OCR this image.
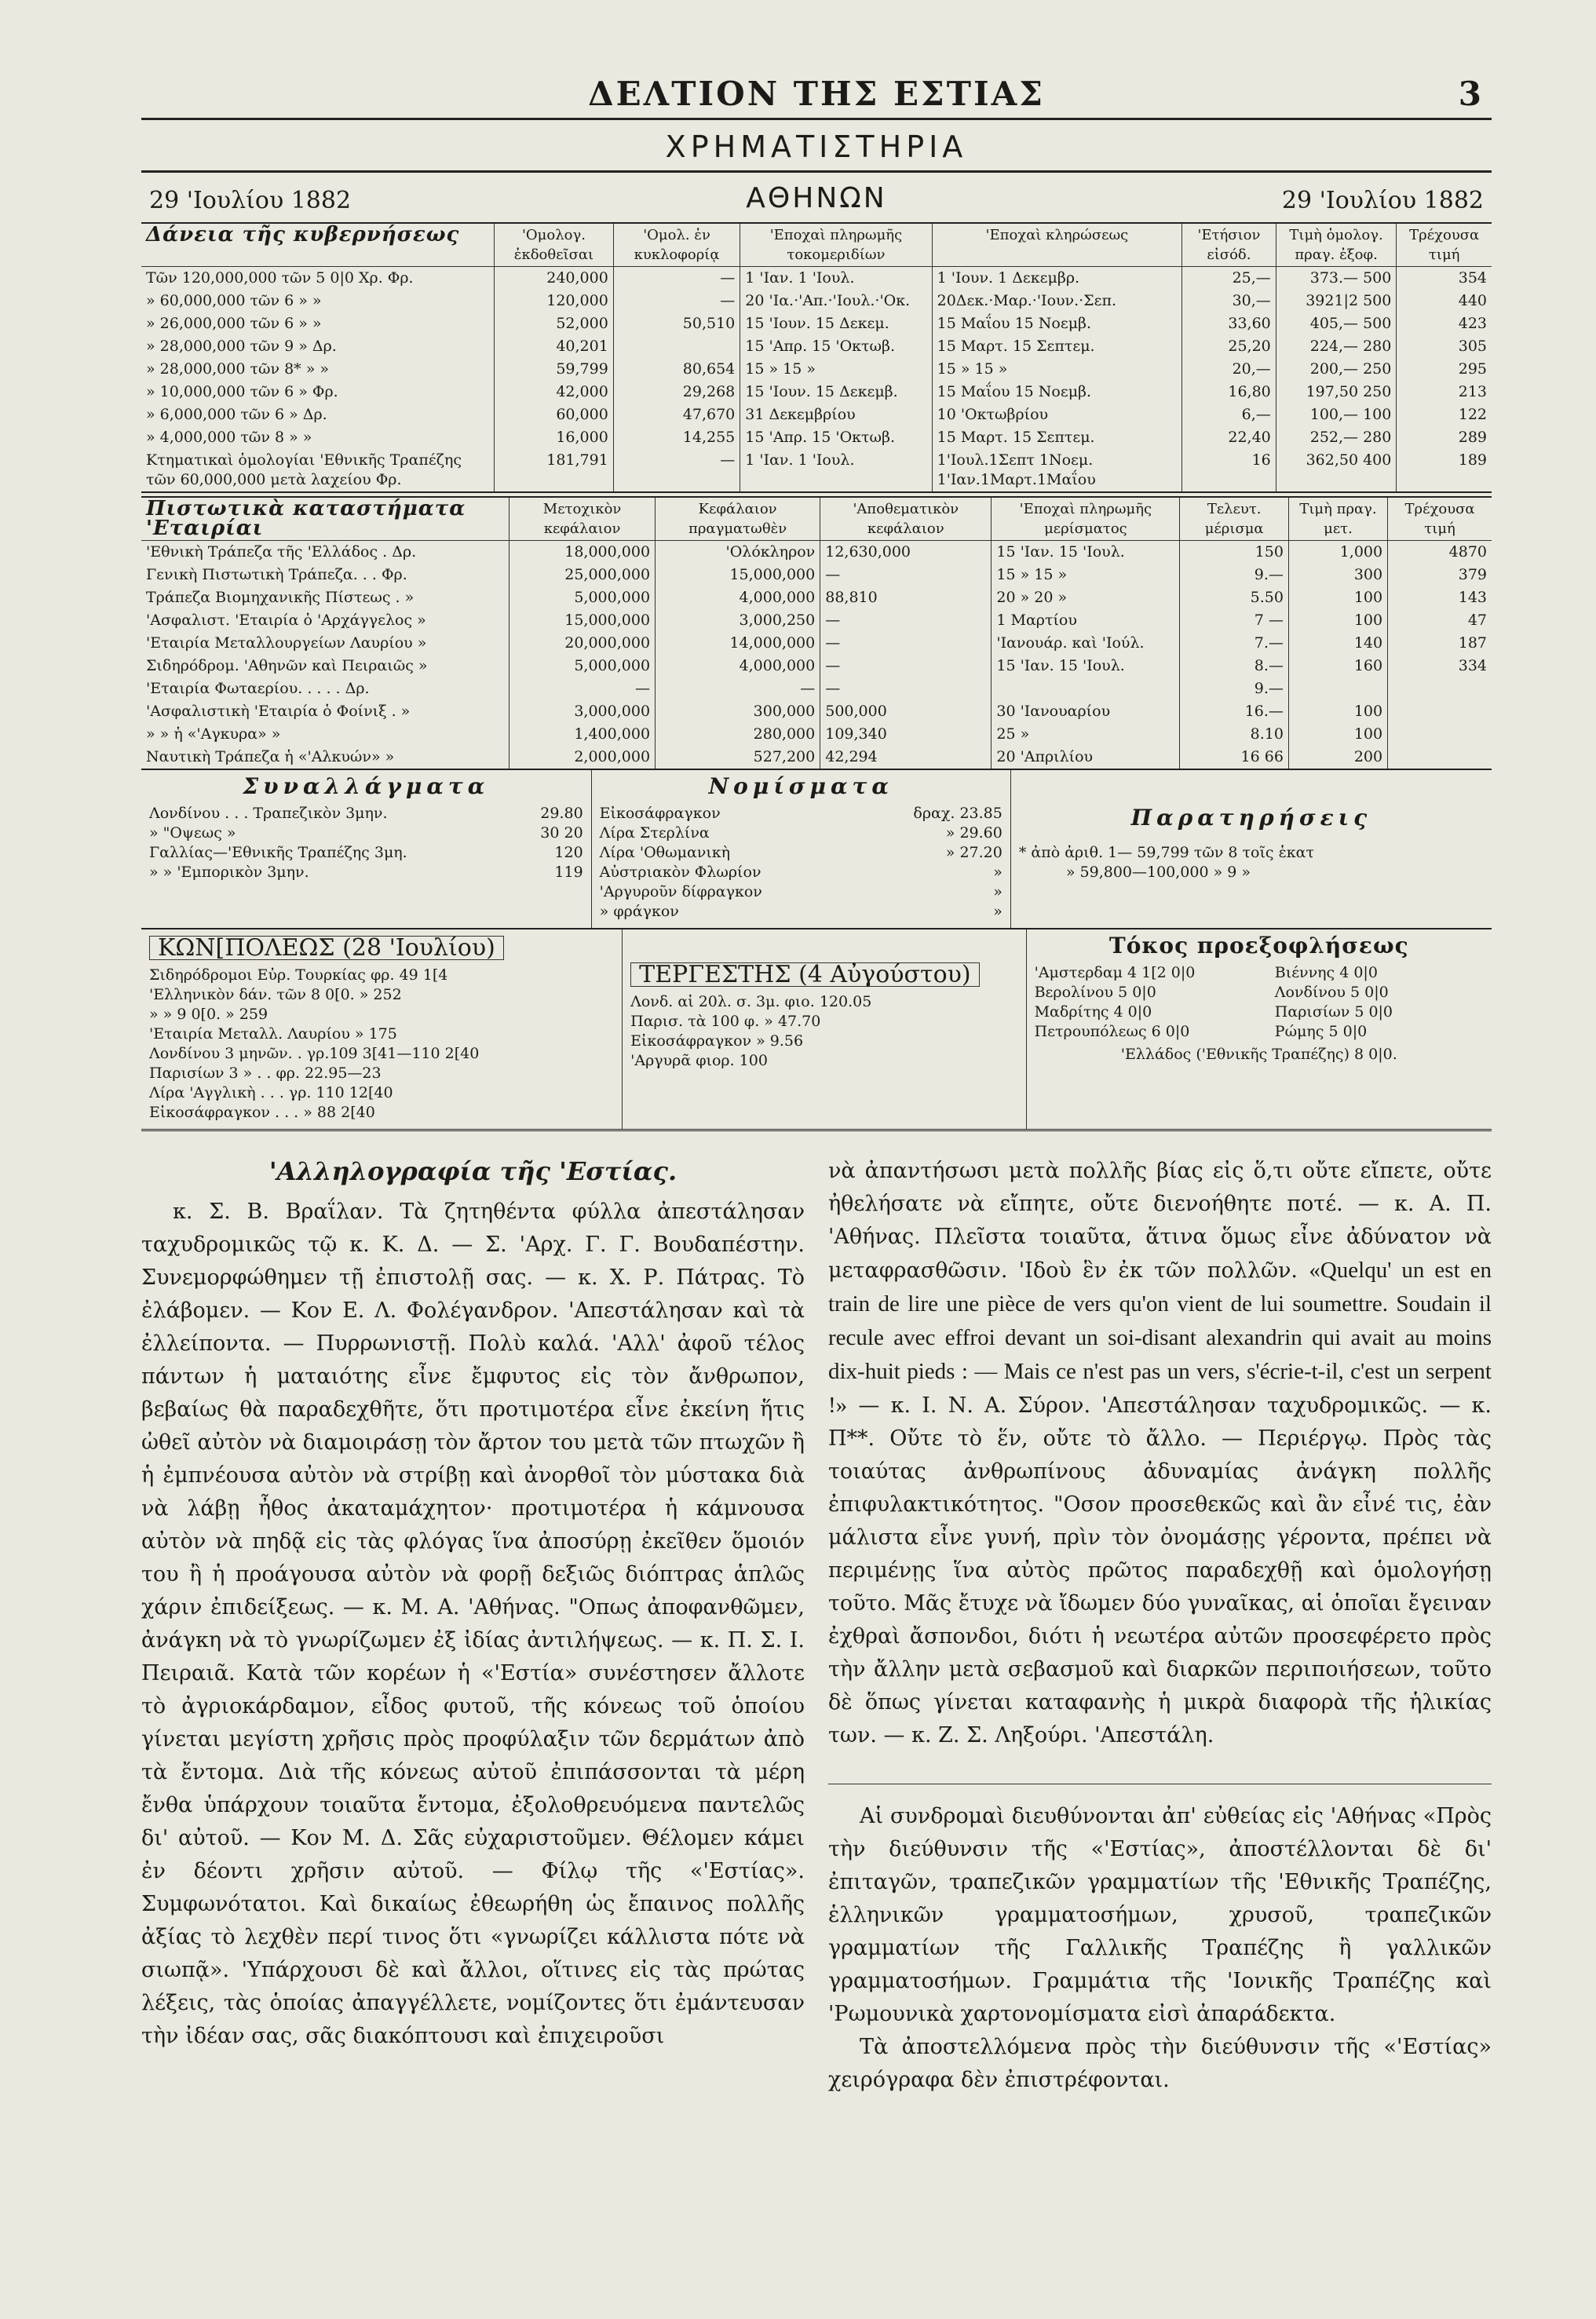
ΔΕΛΤΙΟΝ ΤΗΣ ΕΣΤΙΑΣ	3
ΧΡΗΜΑΤΙΣΤΗΡΙΑ
29 'Ιουλίου 1882	ΑΘΗΝΩΝ	29 'Ιουλίου 1882
Δάνεια τῆς κυβερνήσεως	'Ομολογ. ἐκδοθεῖσαι	'Ομολ. ἐν κυκλοφορίᾳ	'Εποχαὶ πληρωμῆς τοκομεριδίων	'Εποχαὶ κληρώσεως	'Ετήσιον εἰσόδ.	Τιμὴ ὁμολογ. πραγ. ἐξοφ.	Τρέχουσα τιμή
Τῶν 120,000,000 τῶν 5 0|0 Χρ. Φρ.	240,000	—	1 'Ιαν. 1 'Ιουλ.	1 'Ιουν. 1 Δεκεμβρ.	25,—	373.— 500	354
» 60,000,000 τῶν 6 » »	120,000	—	20 'Ια.·'Απ.·'Ιουλ.·'Οκ.	20Δεκ.·Μαρ.·'Ιουν.·Σεπ.	30,—	3921|2 500	440
» 26,000,000 τῶν 6 » »	52,000	50,510	15 'Ιουν. 15 Δεκεμ.	15 Μαΐου 15 Νοεμβ.	33,60	405,— 500	423
» 28,000,000 τῶν 9 » Δρ.	40,201		15 'Απρ. 15 'Οκτωβ.	15 Μαρτ. 15 Σεπτεμ.	25,20	224,— 280	305
» 28,000,000 τῶν 8* » »	59,799	80,654	15 » 15 »	15 » 15 »	20,—	200,— 250	295
» 10,000,000 τῶν 6 » Φρ.	42,000	29,268	15 'Ιουν. 15 Δεκεμβ.	15 Μαΐου 15 Νοεμβ.	16,80	197,50 250	213
» 6,000,000 τῶν 6 » Δρ.	60,000	47,670	31 Δεκεμβρίου	10 'Οκτωβρίου	6,—	100,— 100	122
» 4,000,000 τῶν 8 » »	16,000	14,255	15 'Απρ. 15 'Οκτωβ.	15 Μαρτ. 15 Σεπτεμ.	22,40	252,— 280	289
Κτηματικαὶ ὁμολογίαι 'Εθνικῆς Τραπέζης τῶν 60,000,000 μετὰ λαχείου Φρ.	181,791	—	1 'Ιαν. 1 'Ιουλ.	1'Ιουλ.1Σεπτ 1Νοεμ. 1'Ιαν.1Μαρτ.1Μαΐου	16	362,50 400	189
Πιστωτικὰ καταστήματα 'Εταιρίαι	Μετοχικὸν κεφάλαιον	Κεφάλαιον πραγματωθὲν	'Αποθεματικὸν κεφάλαιον	'Εποχαὶ πληρωμῆς μερίσματος	Τελευτ. μέρισμα	Τιμὴ πραγ. μετ.	Τρέχουσα τιμή
'Εθνικὴ Τράπεζα τῆς 'Ελλάδος . Δρ.	18,000,000	'Ολόκληρον	12,630,000	15 'Ιαν. 15 'Ιουλ.	150	1,000	4870
Γενικὴ Πιστωτικὴ Τράπεζα. . . Φρ.	25,000,000	15,000,000	—	15 » 15 »	9.—	300	379
Τράπεζα Βιομηχανικῆς Πίστεως . »	5,000,000	4,000,000	88,810	20 » 20 »	5.50	100	143
'Ασφαλιστ. 'Εταιρία ὁ 'Αρχάγγελος »	15,000,000	3,000,250	—	1 Μαρτίου	7 —	100	47
'Εταιρία Μεταλλουργείων Λαυρίου »	20,000,000	14,000,000	—	'Ιανουάρ. καὶ 'Ιούλ.	7.—	140	187
Σιδηρόδρομ. 'Αθηνῶν καὶ Πειραιῶς »	5,000,000	4,000,000	—	15 'Ιαν. 15 'Ιουλ.	8.—	160	334
'Εταιρία Φωταερίου. . . . . Δρ.	—	—	—		9.—		
'Ασφαλιστικὴ 'Εταιρία ὁ Φοίνιξ . »	3,000,000	300,000	500,000	30 'Ιανουαρίου	16.—	100	
» » ἡ «'Αγκυρα» »	1,400,000	280,000	109,340	25 »	8.10	100	
Ναυτικὴ Τράπεζα ἡ «'Αλκυών» »	2,000,000	527,200	42,294	20 'Απριλίου	16 66	200	
Συναλλάγματα
Λονδίνου . . . Τραπεζικὸν 3μην.	29.80
» "Οψεως »	30 20
Γαλλίας—'Εθνικῆς Τραπέζης 3μη.	120
» » 'Εμπορικὸν 3μην.	119
Νομίσματα
Εἰκοσάφραγκον	δραχ. 23.85
Λίρα Στερλίνα	» 29.60
Λίρα 'Οθωμανικὴ	» 27.20
Αὐστριακὸν Φλωρίον	»
'Αργυροῦν δίφραγκον	»
» φράγκον	»
Παρατηρήσεις
* ἀπὸ ἀριθ. 1— 59,799 τῶν 8 τοῖς ἑκατ
» 59,800—100,000 » 9 »
ΚΩΝ[ΠΟΛΕΩΣ (28 'Ιουλίου)
Σιδηρόδρομοι Εὐρ. Τουρκίας φρ. 49 1[4
'Ελληνικὸν δάν. τῶν 8 0[0. » 252
» » 9 0[0. » 259
'Εταιρία Μεταλλ. Λαυρίου » 175
Λονδίνου 3 μηνῶν. . γρ.109 3[41—110 2[40
Παρισίων 3 » . . φρ. 22.95—23
Λίρα 'Αγγλικὴ . . . γρ. 110 12[40
Εἰκοσάφραγκον . . . » 88 2[40
ΤΕΡΓΕΣΤΗΣ (4 Αὐγούστου)
Λονδ. αἱ 20λ. σ. 3μ. φιο. 120.05
Παρισ. τὰ 100 φ. » 47.70
Εἰκοσάφραγκον » 9.56
'Αργυρᾶ φιορ. 100
Τόκος προεξοφλήσεως
'Αμστερδαμ 4 1[2 0|0
Βερολίνου 5 0|0
Μαδρίτης 4 0|0
Πετρουπόλεως 6 0|0
Βιέννης 4 0|0
Λονδίνου 5 0|0
Παρισίων 5 0|0
Ρώμης 5 0|0
'Ελλάδος ('Εθνικῆς Τραπέζης) 8 0|0.
'Αλληλογραφία τῆς 'Εστίας.
κ. Σ. Β. Βραΐλαν. Τὰ ζητηθέντα φύλλα ἀπεστάλησαν ταχυδρομικῶς τῷ κ. Κ. Δ. — Σ. 'Αρχ. Γ. Γ. Βουδαπέστην. Συνεμορφώθημεν τῇ ἐπιστολῇ σας. — κ. Χ. Ρ. Πάτρας. Τὸ ἐλάβομεν. — Κον Ε. Λ. Φολέγανδρον. 'Απεστάλησαν καὶ τὰ ἐλλείποντα. — Πυρρωνιστῇ. Πολὺ καλά. 'Αλλ' ἀφοῦ τέλος πάντων ἡ ματαιότης εἶνε ἔμφυτος εἰς τὸν ἄνθρωπον, βεβαίως θὰ παραδεχθῆτε, ὅτι προτιμοτέρα εἶνε ἐκείνη ἥτις ὠθεῖ αὐτὸν νὰ διαμοιράσῃ τὸν ἄρτον του μετὰ τῶν πτωχῶν ἢ ἡ ἐμπνέουσα αὐτὸν νὰ στρίβῃ καὶ ἀνορθοῖ τὸν μύστακα διὰ νὰ λάβῃ ἦθος ἀκαταμάχητον· προτιμοτέρα ἡ κάμνουσα αὐτὸν νὰ πηδᾷ εἰς τὰς φλόγας ἵνα ἀποσύρῃ ἐκεῖθεν ὅμοιόν του ἢ ἡ προάγουσα αὐτὸν νὰ φορῇ δεξιῶς διόπτρας ἁπλῶς χάριν ἐπιδείξεως. — κ. Μ. Α. 'Αθήνας. "Οπως ἀποφανθῶμεν, ἀνάγκη νὰ τὸ γνωρίζωμεν ἐξ ἰδίας ἀντιλήψεως. — κ. Π. Σ. Ι. Πειραιᾶ. Κατὰ τῶν κορέων ἡ «'Εστία» συνέστησεν ἄλλοτε τὸ ἀγριοκάρδαμον, εἶδος φυτοῦ, τῆς κόνεως τοῦ ὁποίου γίνεται μεγίστη χρῆσις πρὸς προφύλαξιν τῶν δερμάτων ἀπὸ τὰ ἔντομα. Διὰ τῆς κόνεως αὐτοῦ ἐπιπάσσονται τὰ μέρη ἔνθα ὑπάρχουν τοιαῦτα ἔντομα, ἐξολοθρευόμενα παντελῶς δι' αὐτοῦ. — Κον Μ. Δ. Σᾶς εὐχαριστοῦμεν. Θέλομεν κάμει ἐν δέοντι χρῆσιν αὐτοῦ. — Φίλῳ τῆς «'Εστίας». Συμφωνότατοι. Καὶ δικαίως ἐθεωρήθη ὡς ἔπαινος πολλῆς ἀξίας τὸ λεχθὲν περί τινος ὅτι «γνωρίζει κάλλιστα πότε νὰ σιωπᾷ». 'Υπάρχουσι δὲ καὶ ἄλλοι, οἵτινες εἰς τὰς πρώτας λέξεις, τὰς ὁποίας ἀπαγγέλλετε, νομίζοντες ὅτι ἐμάντευσαν τὴν ἰδέαν σας, σᾶς διακόπτουσι καὶ ἐπιχειροῦσι
νὰ ἀπαντήσωσι μετὰ πολλῆς βίας εἰς ὅ,τι οὔτε εἴπετε, οὔτε ἠθελήσατε νὰ εἴπητε, οὔτε διενοήθητε ποτέ. — κ. Α. Π. 'Αθήνας. Πλεῖστα τοιαῦτα, ἅτινα ὅμως εἶνε ἀδύνατον νὰ μεταφρασθῶσιν. 'Ιδοὺ ἓν ἐκ τῶν πολλῶν. «Quelqu' un est en train de lire une pièce de vers qu'on vient de lui soumettre. Soudain il recule avec effroi devant un soi-disant alexandrin qui avait au moins dix-huit pieds : — Mais ce n'est pas un vers, s'écrie-t-il, c'est un serpent !» — κ. Ι. Ν. Α. Σύρον. 'Απεστάλησαν ταχυδρομικῶς. — κ. Π**. Οὔτε τὸ ἕν, οὔτε τὸ ἄλλο. — Περιέργῳ. Πρὸς τὰς τοιαύτας ἀνθρωπίνους ἀδυναμίας ἀνάγκη πολλῆς ἐπιφυλακτικότητος. "Οσον προσεθεκῶς καὶ ἂν εἶνέ τις, ἐὰν μάλιστα εἶνε γυνή, πρὶν τὸν ὀνομάσῃς γέροντα, πρέπει νὰ περιμένῃς ἵνα αὐτὸς πρῶτος παραδεχθῇ καὶ ὁμολογήσῃ τοῦτο. Μᾶς ἔτυχε νὰ ἴδωμεν δύο γυναῖκας, αἱ ὁποῖαι ἔγειναν ἐχθραὶ ἄσπονδοι, διότι ἡ νεωτέρα αὐτῶν προσεφέρετο πρὸς τὴν ἄλλην μετὰ σεβασμοῦ καὶ διαρκῶν περιποιήσεων, τοῦτο δὲ ὅπως γίνεται καταφανὴς ἡ μικρὰ διαφορὰ τῆς ἡλικίας των. — κ. Ζ. Σ. Ληξούρι. 'Απεστάλη.
Αἱ συνδρομαὶ διευθύνονται ἀπ' εὐθείας εἰς 'Αθήνας «Πρὸς τὴν διεύθυνσιν τῆς «'Εστίας», ἀποστέλλονται δὲ δι' ἐπιταγῶν, τραπεζικῶν γραμματίων τῆς 'Εθνικῆς Τραπέζης, ἑλληνικῶν γραμματοσήμων, χρυσοῦ, τραπεζικῶν γραμματίων τῆς Γαλλικῆς Τραπέζης ἢ γαλλικῶν γραμματοσήμων. Γραμμάτια τῆς 'Ιονικῆς Τραπέζης καὶ 'Ρωμουνικὰ χαρτονομίσματα εἰσὶ ἀπαράδεκτα.
Τὰ ἀποστελλόμενα πρὸς τὴν διεύθυνσιν τῆς «'Εστίας» χειρόγραφα δὲν ἐπιστρέφονται.
